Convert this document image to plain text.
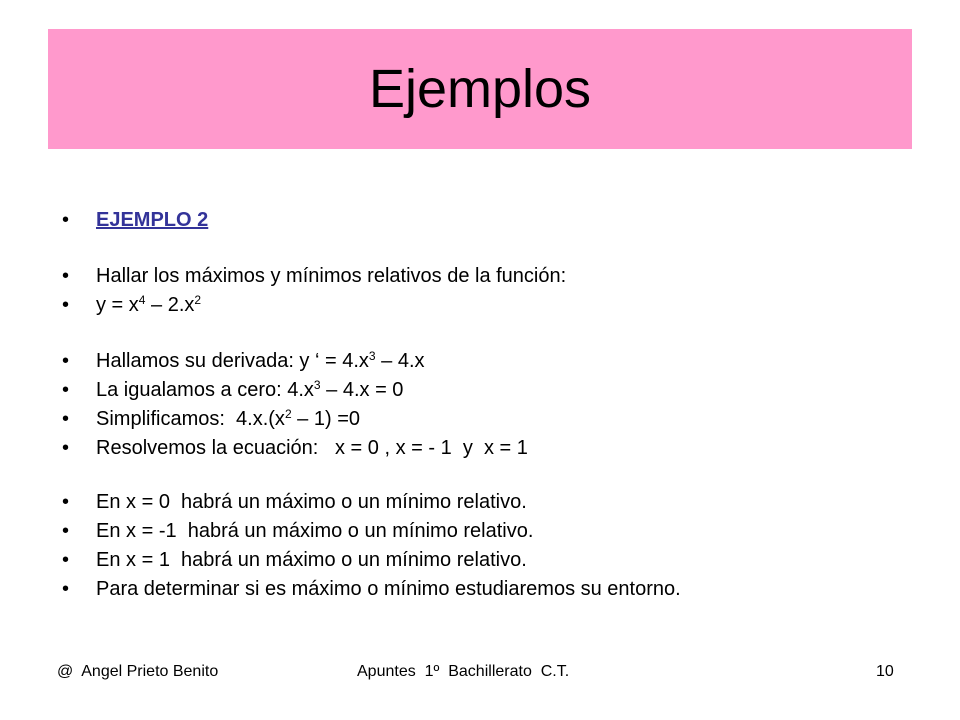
Ejemplos

•

EJEMPLO 2

•

Hallar los máximos y mínimos relativos de la función:

•

$y = x^4 - 2.x^2$

•

Hallamos su derivada: y ‘ = $4.x^3 - 4.x$

•

La igualamos a cero: $4.x^3 - 4.x = 0$

•

Simplificamos:  $4.x.(x^2 - 1) =0$

•

Resolvemos la ecuación:   x = 0 , x = - 1  y  x = 1

•

En x = 0  habrá un máximo o un mínimo relativo.

•

En x = -1  habrá un máximo o un mínimo relativo.

•

En x = 1  habrá un máximo o un mínimo relativo.

•

Para determinar si es máximo o mínimo estudiaremos su entorno.

@  Angel Prieto Benito	Apuntes  1º  Bachillerato  C.T.	10
